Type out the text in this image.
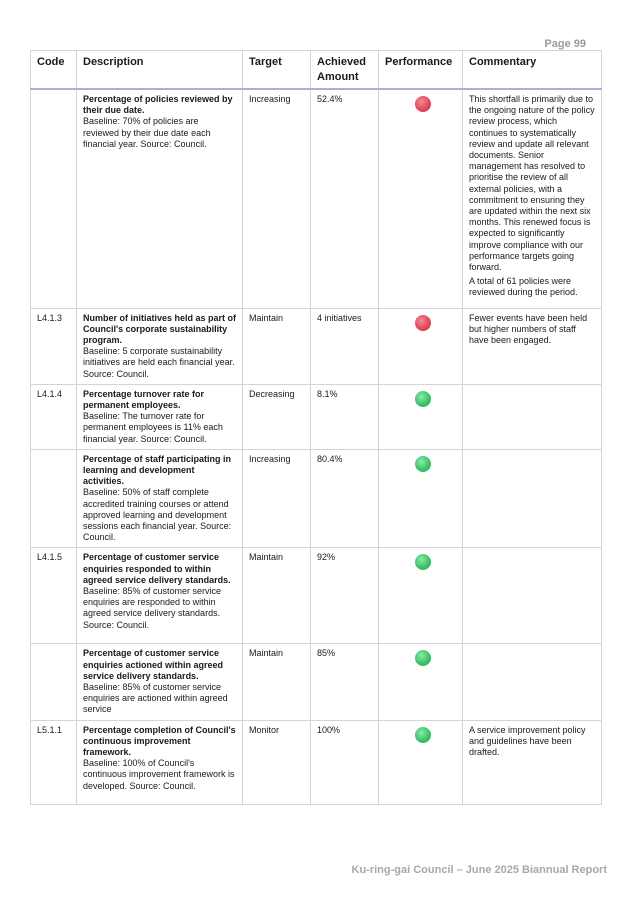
Page 99
Code	Description	Target	Achieved Amount	Performance	Commentary

	Percentage of policies reviewed by their due date.
Baseline: 70% of policies are reviewed by their due date each financial year. Source: Council.	Increasing	52.4%		This shortfall is primarily due to the ongoing nature of the policy review process, which continues to systematically review and update all relevant documents. Senior management has resolved to prioritise the review of all external policies, with a commitment to ensuring they are updated within the next six months. This renewed focus is expected to significantly improve compliance with our performance targets going forward.
A total of 61 policies were reviewed during the period.

L4.1.3	Number of initiatives held as part of Council's corporate sustainability program.
Baseline: 5 corporate sustainability initiatives are held each financial year. Source: Council.	Maintain	4 initiatives		Fewer events have been held but higher numbers of staff have been engaged.

L4.1.4	Percentage turnover rate for permanent employees.
Baseline: The turnover rate for permanent employees is 11% each financial year. Source: Council.	Decreasing	8.1%	

	Percentage of staff participating in learning and development activities.
Baseline: 50% of staff complete accredited training courses or attend approved learning and development sessions each financial year. Source: Council.	Increasing	80.4%	

L4.1.5	Percentage of customer service enquiries responded to within agreed service delivery standards.
Baseline: 85% of customer service enquiries are responded to within agreed service delivery standards. Source: Council.	Maintain	92%	

	Percentage of customer service enquiries actioned within agreed service delivery standards.
Baseline: 85% of customer service enquiries are actioned within agreed service	Maintain	85%	

L5.1.1	Percentage completion of Council's continuous improvement framework.
Baseline: 100% of Council's continuous improvement framework is developed. Source: Council.	Monitor	100%		A service improvement policy and guidelines have been drafted.
Ku-ring-gai Council – June 2025 Biannual Report
